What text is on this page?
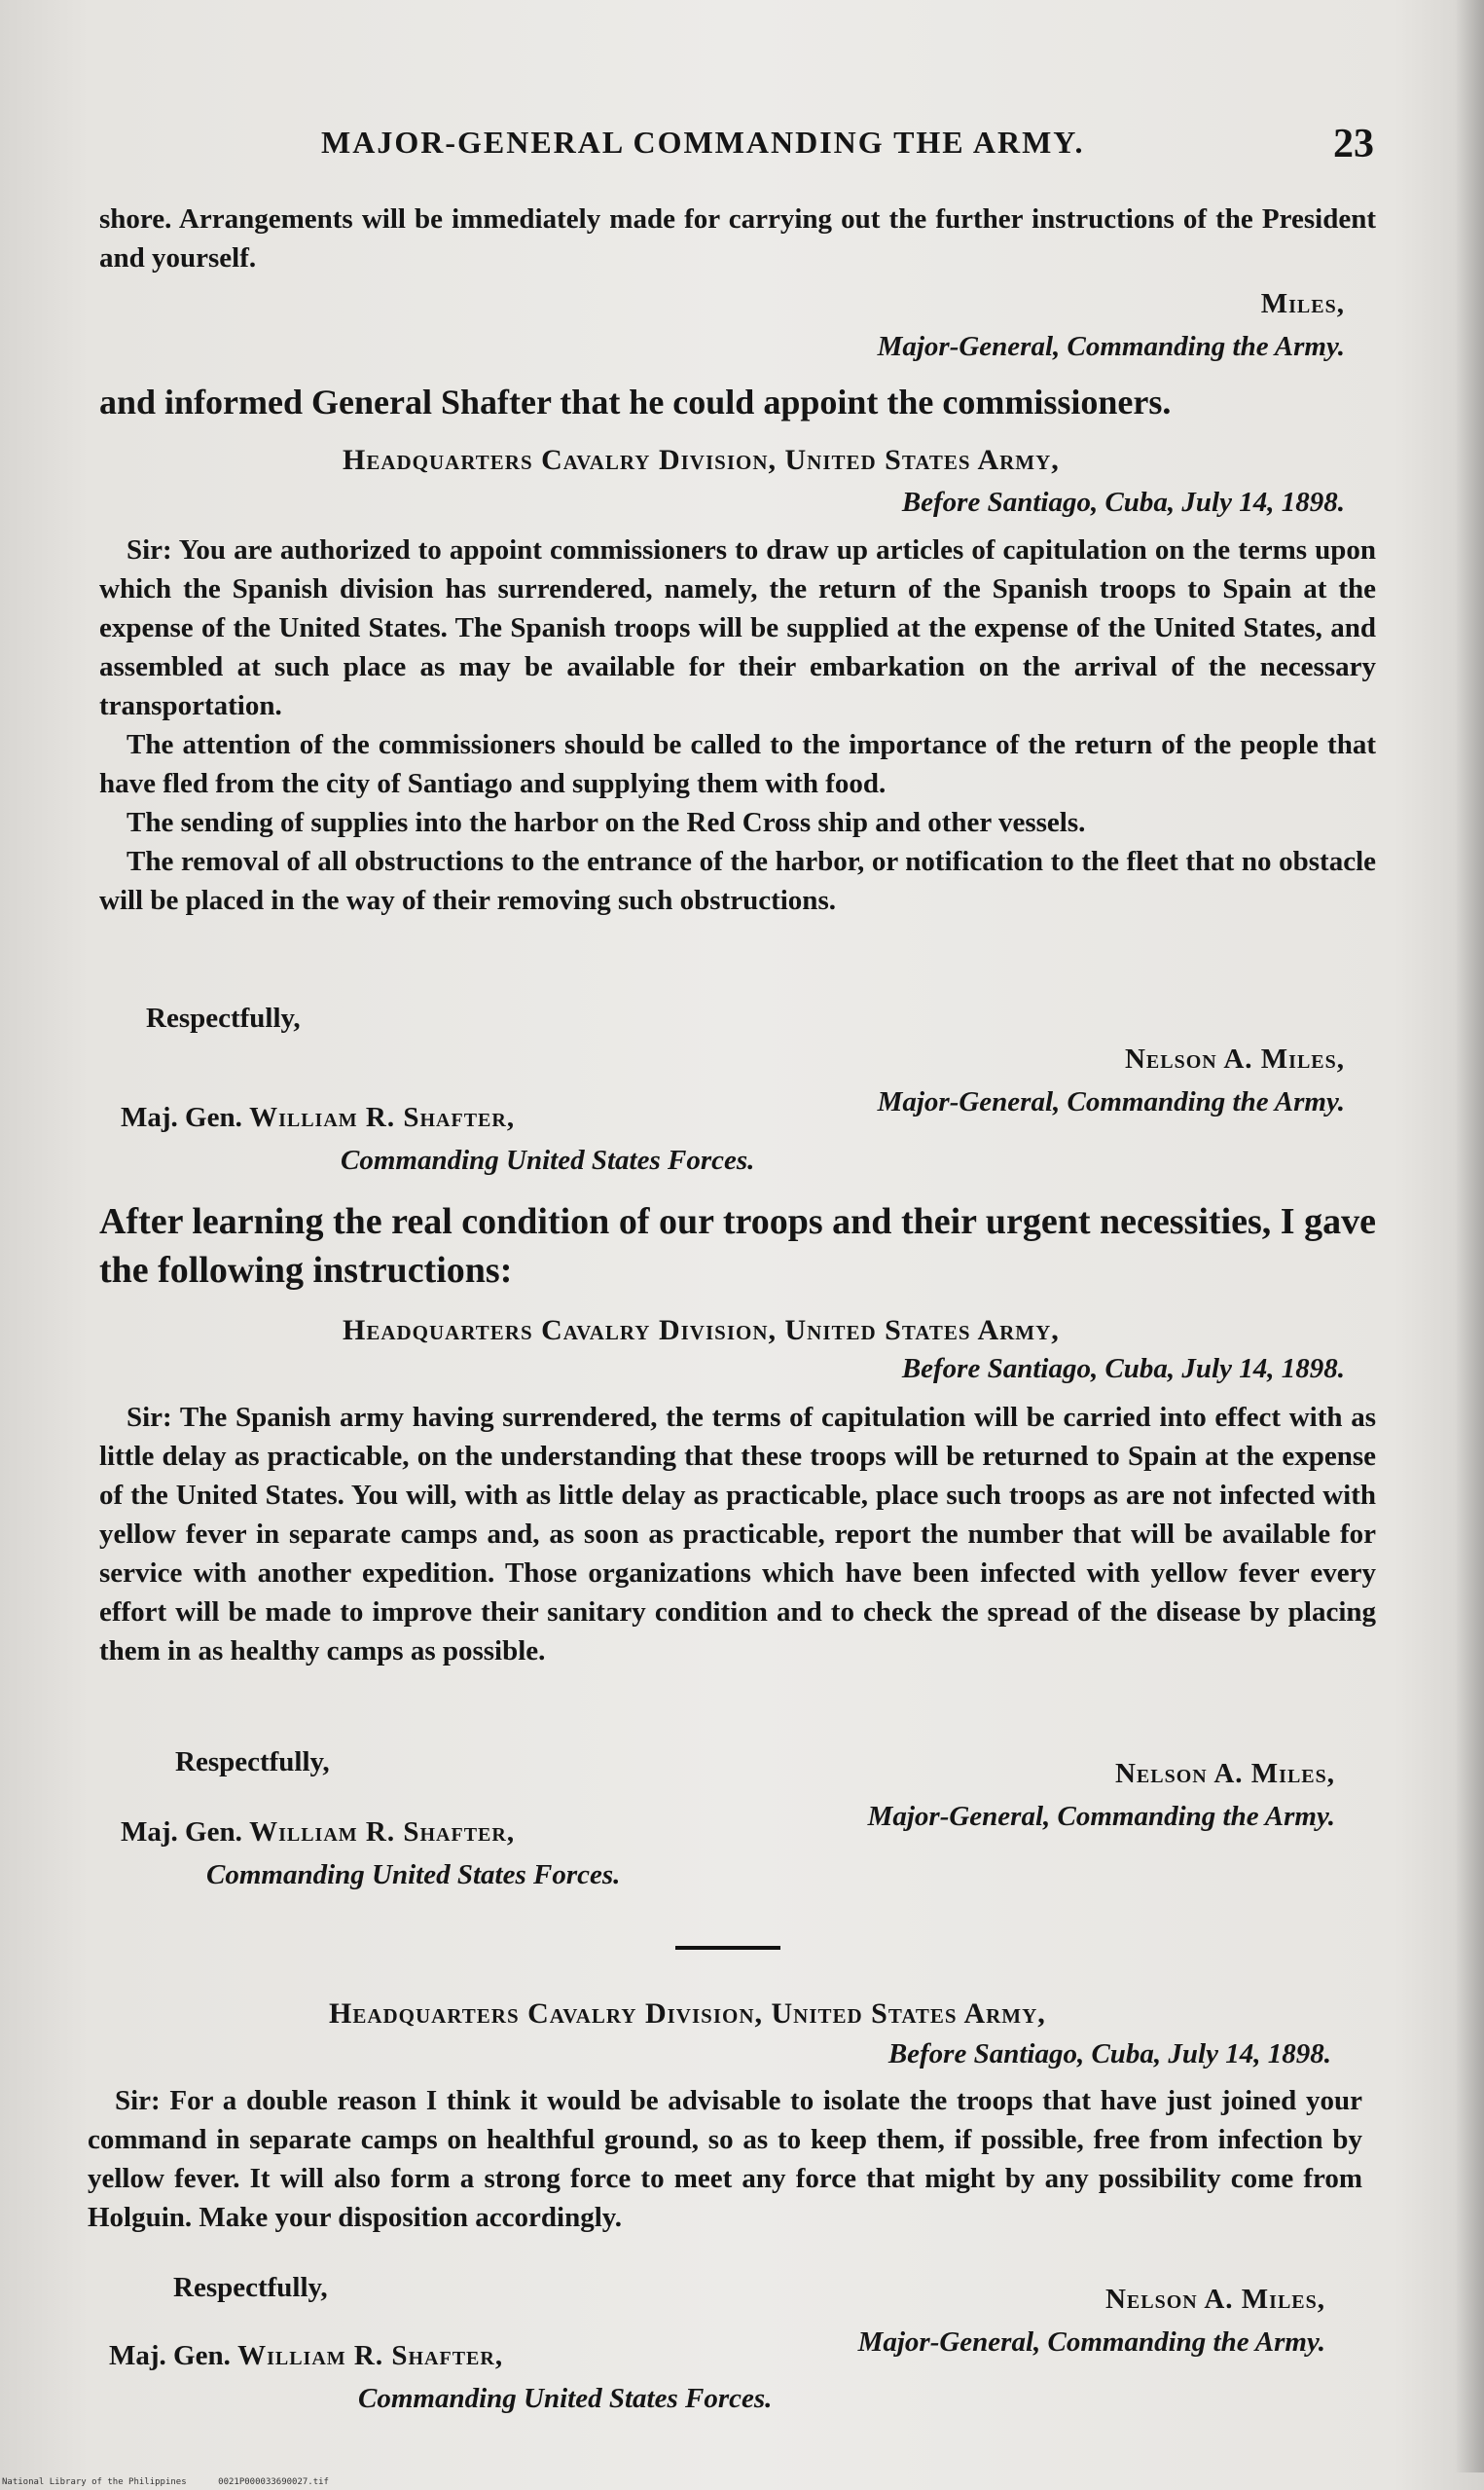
MAJOR-GENERAL COMMANDING THE ARMY.	23

shore. Arrangements will be immediately made for carrying out the further instructions of the President and yourself.

Miles,
Major-General, Commanding the Army.
and informed General Shafter that he could appoint the commissioners.
Headquarters Cavalry Division, United States Army,
Before Santiago, Cuba, July 14, 1898.

Sir: You are authorized to appoint commissioners to draw up articles of capitulation on the terms upon which the Spanish division has surrendered, namely, the return of the Spanish troops to Spain at the expense of the United States. The Spanish troops will be supplied at the expense of the United States, and assembled at such place as may be available for their embarkation on the arrival of the necessary transportation.

The attention of the commissioners should be called to the importance of the return of the people that have fled from the city of Santiago and supplying them with food.

The sending of supplies into the harbor on the Red Cross ship and other vessels.

The removal of all obstructions to the entrance of the harbor, or notification to the fleet that no obstacle will be placed in the way of their removing such obstructions.

Respectfully,
Nelson A. Miles,
Major-General, Commanding the Army.
Maj. Gen. William R. Shafter,
Commanding United States Forces.
After learning the real condition of our troops and their urgent necessities, I gave the following instructions:
Headquarters Cavalry Division, United States Army,
Before Santiago, Cuba, July 14, 1898.

Sir: The Spanish army having surrendered, the terms of capitulation will be carried into effect with as little delay as practicable, on the understanding that these troops will be returned to Spain at the expense of the United States. You will, with as little delay as practicable, place such troops as are not infected with yellow fever in separate camps and, as soon as practicable, report the number that will be available for service with another expedition. Those organizations which have been infected with yellow fever every effort will be made to improve their sanitary condition and to check the spread of the disease by placing them in as healthy camps as possible.

Respectfully,	Nelson A. Miles,
Major-General, Commanding the Army.
Maj. Gen. William R. Shafter,
Commanding United States Forces.
Headquarters Cavalry Division, United States Army,
Before Santiago, Cuba, July 14, 1898.

Sir: For a double reason I think it would be advisable to isolate the troops that have just joined your command in separate camps on healthful ground, so as to keep them, if possible, free from infection by yellow fever. It will also form a strong force to meet any force that might by any possibility come from Holguin. Make your disposition accordingly.

Respectfully,	Nelson A. Miles,
Major-General, Commanding the Army.
Maj. Gen. William R. Shafter,
Commanding United States Forces.
National Library of the Philippines	0021P000033690027.tif
